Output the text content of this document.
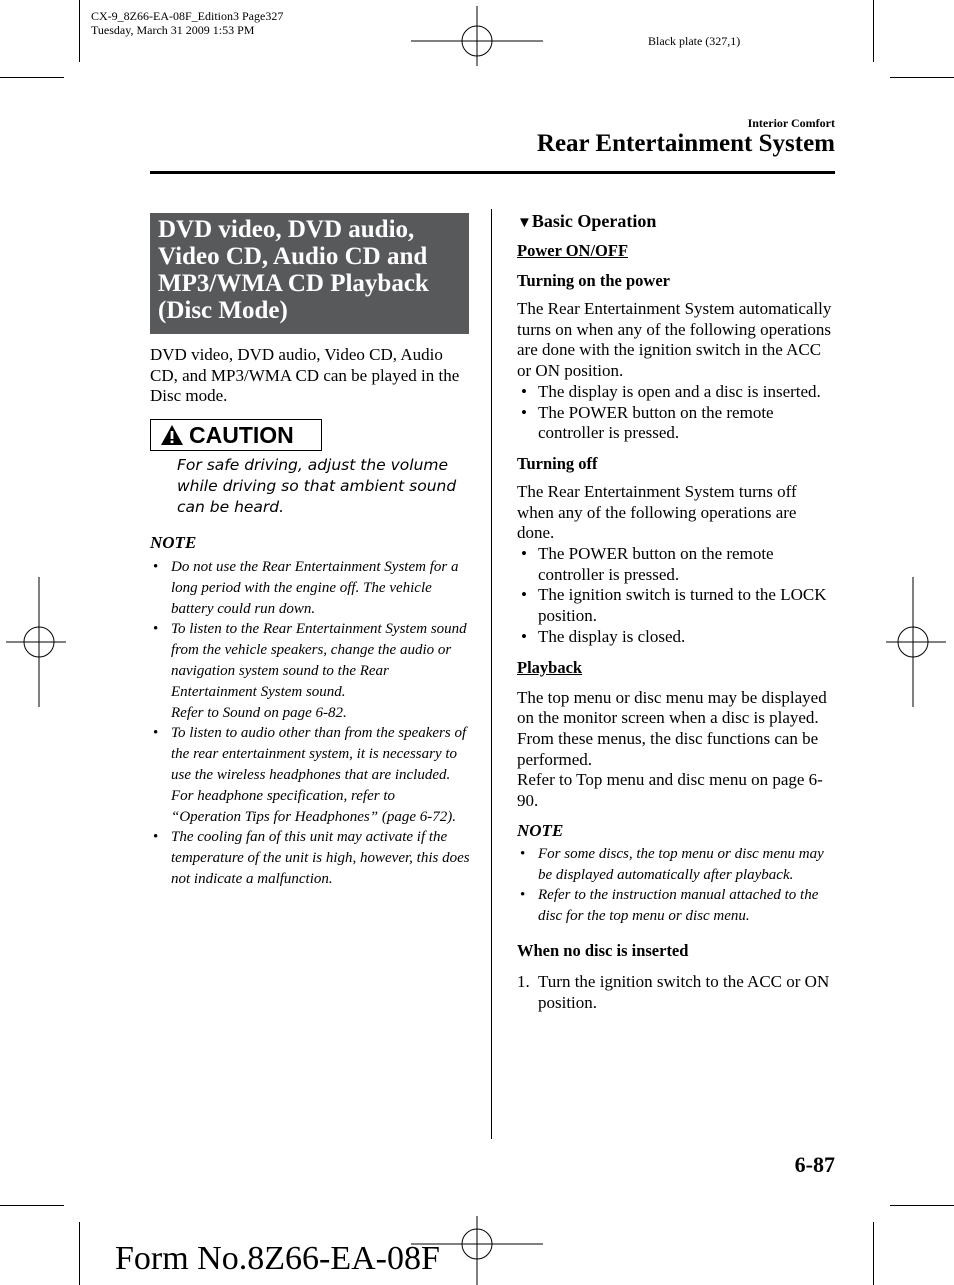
CX-9_8Z66-EA-08F_Edition3 Page327
Tuesday, March 31 2009 1:53 PM
Black plate (327,1)
Interior Comfort
Rear Entertainment System
DVD video, DVD audio,
Video CD, Audio CD and
MP3/WMA CD Playback
(Disc Mode)
DVD video, DVD audio, Video CD, Audio CD, and MP3/WMA CD can be played in the Disc mode.
CAUTION
For safe driving, adjust the volume while driving so that ambient sound can be heard.
NOTE
• Do not use the Rear Entertainment System for a long period with the engine off. The vehicle battery could run down.
• To listen to the Rear Entertainment System sound from the vehicle speakers, change the audio or navigation system sound to the Rear Entertainment System sound.
Refer to Sound on page 6-82.
• To listen to audio other than from the speakers of the rear entertainment system, it is necessary to use the wireless headphones that are included. For headphone specification, refer to
“Operation Tips for Headphones” (page 6-72).
• The cooling fan of this unit may activate if the temperature of the unit is high, however, this does not indicate a malfunction.
▼Basic Operation
Power ON/OFF
Turning on the power
The Rear Entertainment System automatically turns on when any of the following operations are done with the ignition switch in the ACC or ON position.
• The display is open and a disc is inserted.
• The POWER button on the remote controller is pressed.
Turning off
The Rear Entertainment System turns off when any of the following operations are done.
• The POWER button on the remote controller is pressed.
• The ignition switch is turned to the LOCK position.
• The display is closed.
Playback
The top menu or disc menu may be displayed on the monitor screen when a disc is played. From these menus, the disc functions can be performed.
Refer to Top menu and disc menu on page 6-90.
NOTE
• For some discs, the top menu or disc menu may be displayed automatically after playback.
• Refer to the instruction manual attached to the disc for the top menu or disc menu.
When no disc is inserted
1. Turn the ignition switch to the ACC or ON position.
6-87
Form No.8Z66-EA-08F
